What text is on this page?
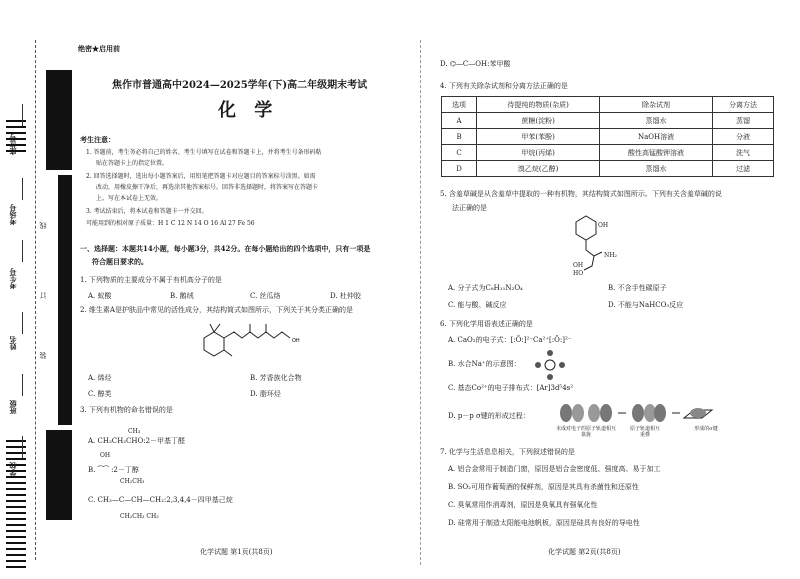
座位号
考场号
考生号
姓名
班级
学校
线
订
装
绝密★启用前
焦作市普通高中2024—2025学年(下)高二年级期末考试
化 学
考生注意：
1. 答题前，考生务必将自己的姓名、考生号填写在试卷和答题卡上，并将考生号条形码粘
贴在答题卡上的指定位置。
2. 回答选择题时，选出每小题答案后，用铅笔把答题卡对应题目的答案标号涂黑。如需
改动，用橡皮擦干净后，再选涂其他答案标号。回答非选择题时，将答案写在答题卡
上。写在本试卷上无效。
3. 考试结束后，将本试卷和答题卡一并交回。
可能用到的相对原子质量：H 1 C 12 N 14 O 16 Al 27 Fe 56
一、选择题：本题共14小题，每小题3分，共42分。在每小题给出的四个选项中，只有一项是
符合题目要求的。
1. 下列物质的主要成分不属于有机高分子的是
A. 蚁酸	B. 鹅绒	C. 丝瓜络	D. 杜仲胶
2. 维生素A是护肤品中常见的活性成分，其结构简式如图所示，下列关于其分类正确的是
OH
A. 烯烃	B. 芳香族化合物
C. 醇类	D. 脂环烃
3. 下列有机物的命名错误的是
CH₃
A. CH₃CH₂CHO:2－甲基丁醛
OH
B. ⁀⁀ :2－丁醇
CH₂CH₃
C. CH₃—C—CH—CH₂:2,3,4,4－四甲基己烷
CH₂CH₃ CH₃
化学试题 第1页(共8页)
D. ⌬—C—OH:苯甲酸
4. 下列有关除杂试剂和分离方法正确的是
选项	待提纯的物质(杂质)	除杂试剂	分离方法
A	蔗糖(淀粉)	蒸馏水	蒸馏
B	甲苯(苯酚)	NaOH溶液	分液
C	甲烷(丙烯)	酸性高锰酸钾溶液	洗气
D	溴乙烷(乙醇)	蒸馏水	过滤
5. 含羞草碱是从含羞草中提取的一种有机物，其结构简式如图所示。下列有关含羞草碱的说
法正确的是
OH
NH₂
OH
HO
A. 分子式为C₈H₁₁N₂O₄	B. 不含手性碳原子
C. 能与酸、碱反应	D. 不能与NaHCO₃反应
6. 下列化学用语表述正确的是
A. CaO₂的电子式：[:Ö:]²⁻Ca²⁺[:Ö:]²⁻
B. 水合Na⁺的示意图：
C. 基态Co²⁺的电子排布式：[Ar]3d⁵4s²
D. p－p σ键的形成过程：
未成对电子的原子轨道相互靠拢
原子轨道相互重叠
形成的σ键
7. 化学与生活息息相关，下列叙述错误的是
A. 铝合金常用于制造门窗，原因是铝合金密度低、强度高、易于加工
B. SO₂可用作葡萄酒的保鲜剂，原因是其具有杀菌性和还原性
C. 臭氧常用作消毒剂，原因是臭氧具有强氧化性
D. 硅常用于制造太阳能电池帆板，原因是硅具有良好的导电性
化学试题 第2页(共8页)
